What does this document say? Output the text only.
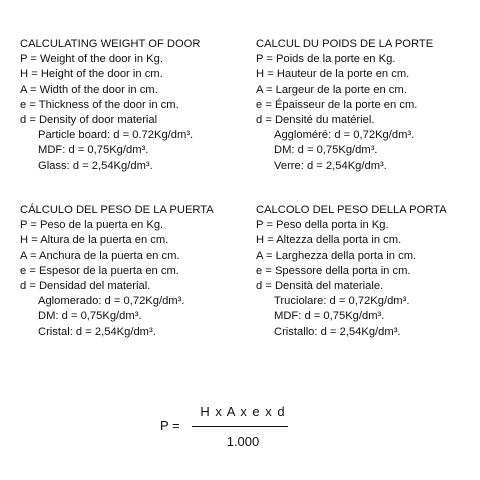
CALCULATING WEIGHT OF DOOR
P = Weight of the door in Kg.
H = Height of the door in cm.
A = Width of the door in cm.
e = Thickness of the door in cm.
d = Density of door material
Particle board: d = 0.72Kg/dm³.
MDF: d = 0,75Kg/dm³.
Glass: d = 2,54Kg/dm³.
CALCUL DU POIDS DE LA PORTE
P = Poids de la porte en Kg.
H = Hauteur de la porte en cm.
A = Largeur de la porte en cm.
e = Épaisseur de la porte en cm.
d = Densité du matériel.
Aggloméré: d = 0,72Kg/dm³.
DM: d = 0,75Kg/dm³.
Verre: d = 2,54Kg/dm³.
CÁLCULO DEL PESO DE LA PUERTA
P = Peso de la puerta en Kg.
H = Altura de la puerta en cm.
A = Anchura de la puerta en cm.
e = Espesor de la puerta en cm.
d = Densidad del material.
Aglomerado: d = 0,72Kg/dm³.
DM: d = 0,75Kg/dm³.
Cristal: d = 2,54Kg/dm³.
CALCOLO DEL PESO DELLA PORTA
P = Peso della porta in Kg.
H = Altezza della porta in cm.
A = Larghezza della porta in cm.
e = Spessore della porta in cm.
d = Densità del materiale.
Truciolare: d = 0,72Kg/dm³.
MDF: d = 0,75Kg/dm³.
Cristallo: d = 2,54Kg/dm³.
P =
H x A x e x d
1.000
